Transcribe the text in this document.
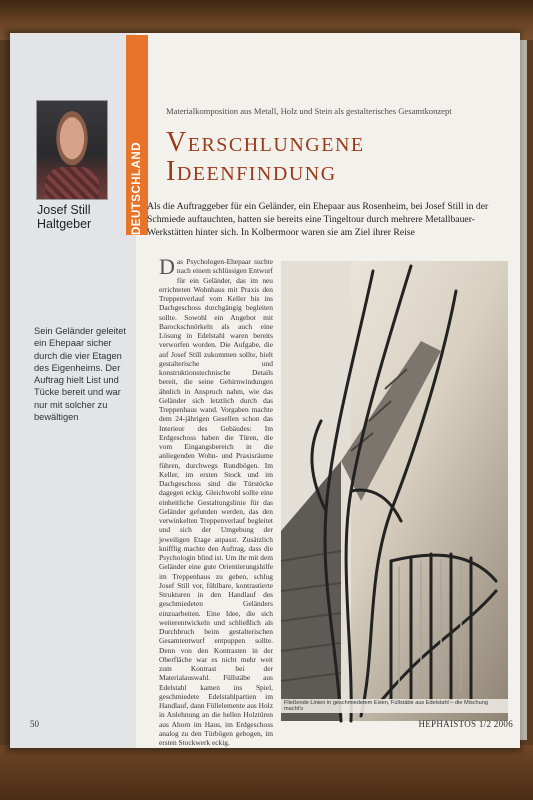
Josef Still
Haltgeber
Sein Geländer geleitet ein Ehepaar sicher durch die vier Etagen des Eigenheims. Der Auftrag hielt List und Tücke bereit und war nur mit solcher zu bewältigen
DEUTSCHLAND
Materialkomposition aus Metall, Holz und Stein als gestalterisches Gesamtkonzept
Verschlungene
Ideenfindung
Als die Auftraggeber für ein Geländer, ein Ehepaar aus Rosenheim, bei Josef Still in der Schmiede auftauchten, hatten sie bereits eine Tingeltour durch mehrere Metallbauer-Werkstätten hinter sich. In Kolbermoor waren sie am Ziel ihrer Reise
Das Psychologen-Ehepaar suchte nach einem schlüssigen Entwurf für ein Geländer, das im neu errichteten Wohnhaus mit Praxis den Treppenverlauf vom Keller bis ins Dachgeschoss durchgängig begleiten sollte. Sowohl ein Angebot mit Barockschnörkeln als auch eine Lösung in Edelstahl waren bereits verworfen worden. Die Aufgabe, die auf Josef Still zukommen sollte, hielt gestalterische und konstruktionstechnische Details bereit, die seine Gehirnwindungen ähnlich in Anspruch nahm, wie das Geländer sich letztlich durch das Treppenhaus wand. Vorgaben machte dem 24-jährigen Gesellen schon das Interieur des Gebäudes: Im Erdgeschoss haben die Türen, die vom Eingangsbereich in die anliegenden Wohn- und Praxisräume führen, durchwegs Rundbögen. Im Keller, im ersten Stock und im Dachgeschoss sind die Türstöcke dagegen eckig. Gleichwohl sollte eine einheitliche Gestaltungslinie für das Geländer gefunden werden, das den verwinkelten Treppenverlauf begleitet und sich der Umgebung der jeweiligen Etage anpasst. Zusätzlich knifflig machte den Auftrag, dass die Psychologin blind ist. Um ihr mit dem Geländer eine gute Orientierungshilfe im Treppenhaus zu geben, schlug Josef Still vor, fühlbare, kontrastierte Strukturen in den Handlauf des geschmiedeten Geländers einzuarbeiten. Eine Idee, die sich weiterentwickeln und schließlich als Durchbruch beim gestalterischen Gesamtentwurf entpuppen sollte. Denn von den Kontrasten in der Oberfläche war es nicht mehr weit zum Kontrast bei der Materialauswahl. Füllstäbe aus Edelstahl kamen ins Spiel, geschmiedete Edelstahlpartien im Handlauf, dann Füllelemente aus Holz in Anlehnung an die hellen Holztüren aus Ahorn im Haus, im Erdgeschoss analog zu den Türbögen gebogen, im ersten Stockwerk eckig.
Fließende Linien in geschmiedetem Eisen, Füllstäbe aus Edelstahl – die Mischung macht's
50	HEPHAISTOS 1/2 2006
